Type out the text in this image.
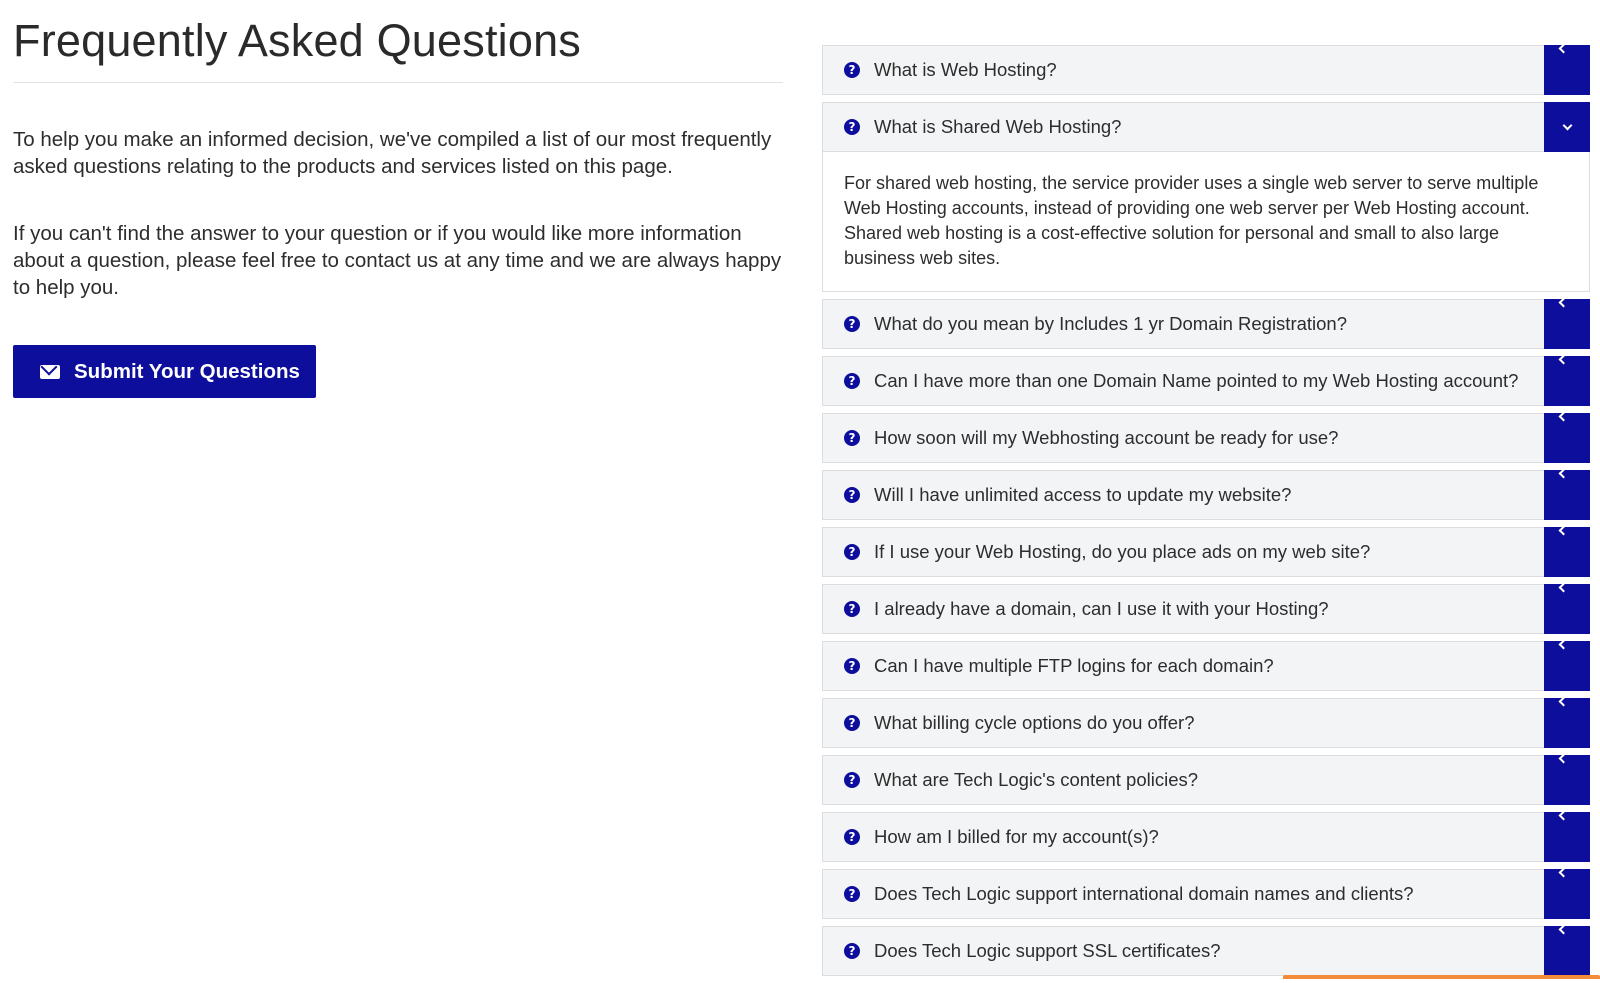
Frequently Asked Questions

To help you make an informed decision, we've compiled a list of our most frequently asked questions relating to the products and services listed on this page.

If you can't find the answer to your question or if you would like more information about a question, please feel free to contact us at any time and we are always happy to help you.

Submit Your Questions
? What is Web Hosting?
? What is Shared Web Hosting?
For shared web hosting, the service provider uses a single web server to serve multiple Web Hosting accounts, instead of providing one web server per Web Hosting account. Shared web hosting is a cost-effective solution for personal and small to also large business web sites.
? What do you mean by Includes 1 yr Domain Registration?
? Can I have more than one Domain Name pointed to my Web Hosting account?
? How soon will my Webhosting account be ready for use?
? Will I have unlimited access to update my website?
? If I use your Web Hosting, do you place ads on my web site?
? I already have a domain, can I use it with your Hosting?
? Can I have multiple FTP logins for each domain?
? What billing cycle options do you offer?
? What are Tech Logic's content policies?
? How am I billed for my account(s)?
? Does Tech Logic support international domain names and clients?
? Does Tech Logic support SSL certificates?
